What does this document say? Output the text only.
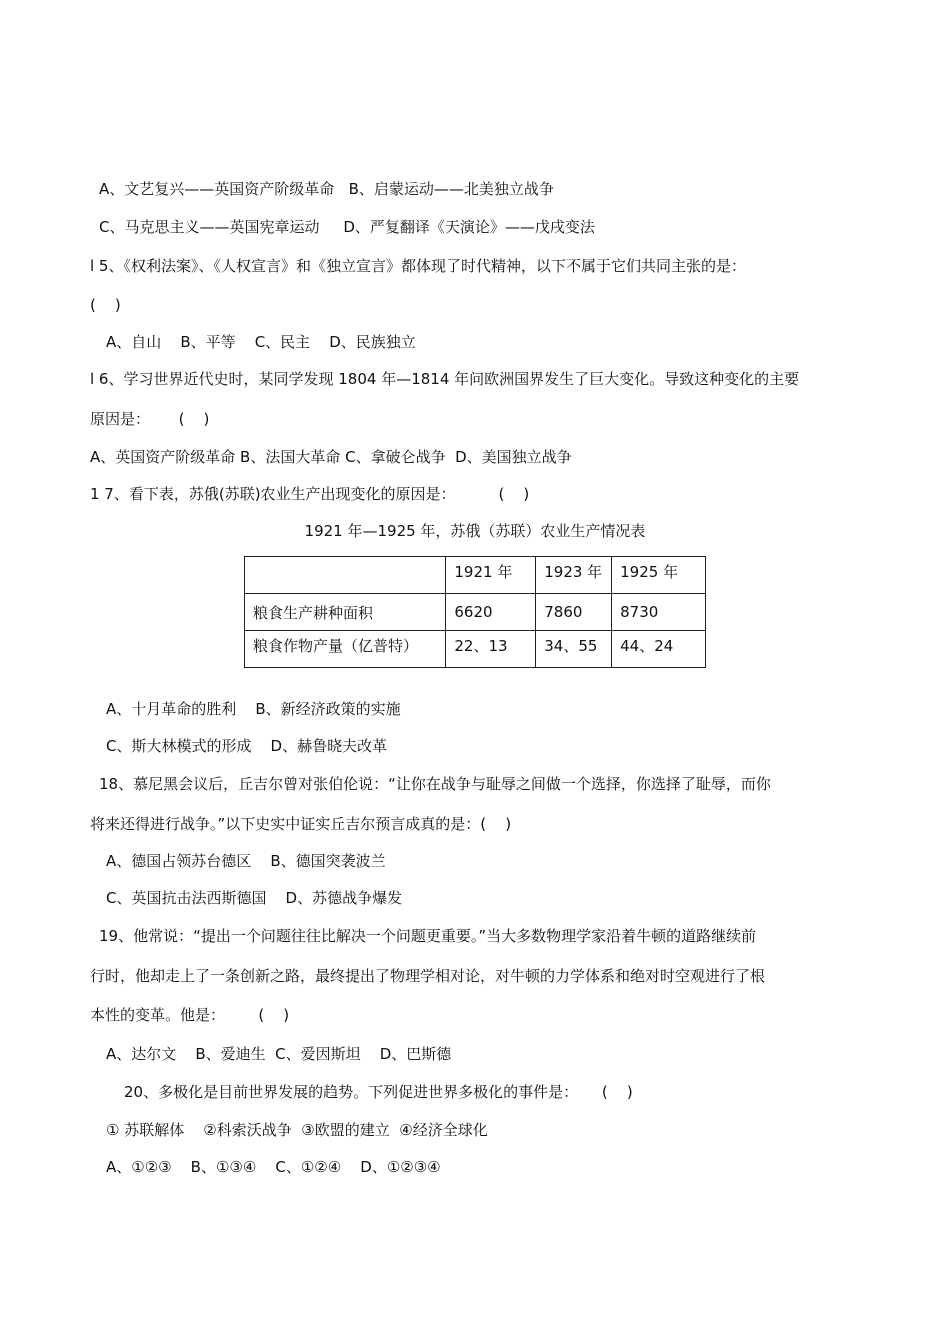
A、文艺复兴——英国资产阶级革命   B、启蒙运动——北美独立战争
C、马克思主义——英国宪章运动     D、严复翻译《天演论》——戊戌变法
l 5、《权利法案》、《人权宣言》和《独立宣言》都体现了时代精神，以下不属于它们共同主张的是：
(    )
A、自山    B、平等    C、民主    D、民族独立
l 6、学习世界近代史时，某同学发现 1804 年—1814 年问欧洲国界发生了巨大变化。导致这种变化的主要
原因是：      (    )
A、英国资产阶级革命 B、法国大革命 C、拿破仑战争  D、美国独立战争
1 7、看下表，苏俄(苏联)农业生产出现变化的原因是：         (    )
1921 年—1925 年，苏俄（苏联）农业生产情况表
	1921 年	1923 年	1925 年
粮食生产耕种面积	6620	7860	8730
粮食作物产量（亿普特）	22、13	34、55	44、24
A、十月革命的胜利    B、新经济政策的实施
C、斯大林模式的形成    D、赫鲁晓夫改革
18、慕尼黑会议后，丘吉尔曾对张伯伦说：“让你在战争与耻辱之间做一个选择，你选择了耻辱，而你
将来还得进行战争。”以下史实中证实丘吉尔预言成真的是：(    )
A、德国占领苏台德区    B、德国突袭波兰
C、英国抗击法西斯德国    D、苏德战争爆发
19、他常说：“提出一个问题往往比解决一个问题更重要。”当大多数物理学家沿着牛顿的道路继续前
行时，他却走上了一条创新之路，最终提出了物理学相对论，对牛顿的力学体系和绝对时空观进行了根
本性的变革。他是：       (    )
A、达尔文    B、爱迪生  C、爱因斯坦    D、巴斯德
20、多极化是目前世界发展的趋势。下列促进世界多极化的事件是：     (    )
① 苏联解体    ②科索沃战争  ③欧盟的建立  ④经济全球化
A、①②③    B、①③④    C、①②④    D、①②③④
